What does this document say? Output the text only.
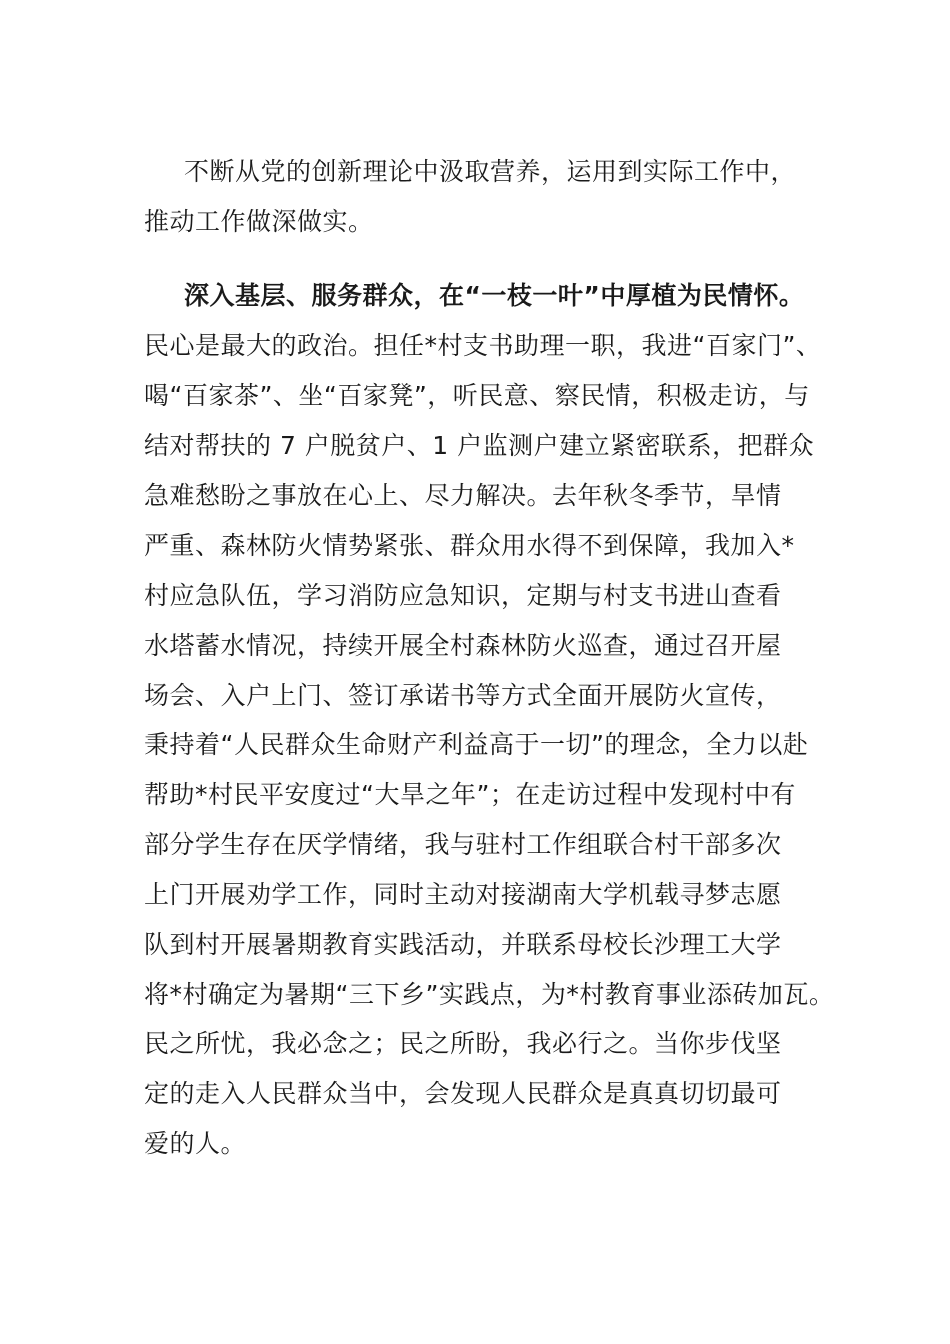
不断从党的创新理论中汲取营养，运用到实际工作中，
推动工作做深做实。
深入基层、服务群众，在“一枝一叶”中厚植为民情怀。
民心是最大的政治。担任*村支书助理一职，我进“百家门”、
喝“百家茶”、坐“百家凳”，听民意、察民情，积极走访，与
结对帮扶的 7 户脱贫户、1 户监测户建立紧密联系，把群众
急难愁盼之事放在心上、尽力解决。去年秋冬季节，旱情
严重、森林防火情势紧张、群众用水得不到保障，我加入*
村应急队伍，学习消防应急知识，定期与村支书进山查看
水塔蓄水情况，持续开展全村森林防火巡查，通过召开屋
场会、入户上门、签订承诺书等方式全面开展防火宣传，
秉持着“人民群众生命财产利益高于一切”的理念，全力以赴
帮助*村民平安度过“大旱之年”；在走访过程中发现村中有
部分学生存在厌学情绪，我与驻村工作组联合村干部多次
上门开展劝学工作，同时主动对接湖南大学机载寻梦志愿
队到村开展暑期教育实践活动，并联系母校长沙理工大学
将*村确定为暑期“三下乡”实践点，为*村教育事业添砖加瓦。
民之所忧，我必念之；民之所盼，我必行之。当你步伐坚
定的走入人民群众当中，会发现人民群众是真真切切最可
爱的人。
